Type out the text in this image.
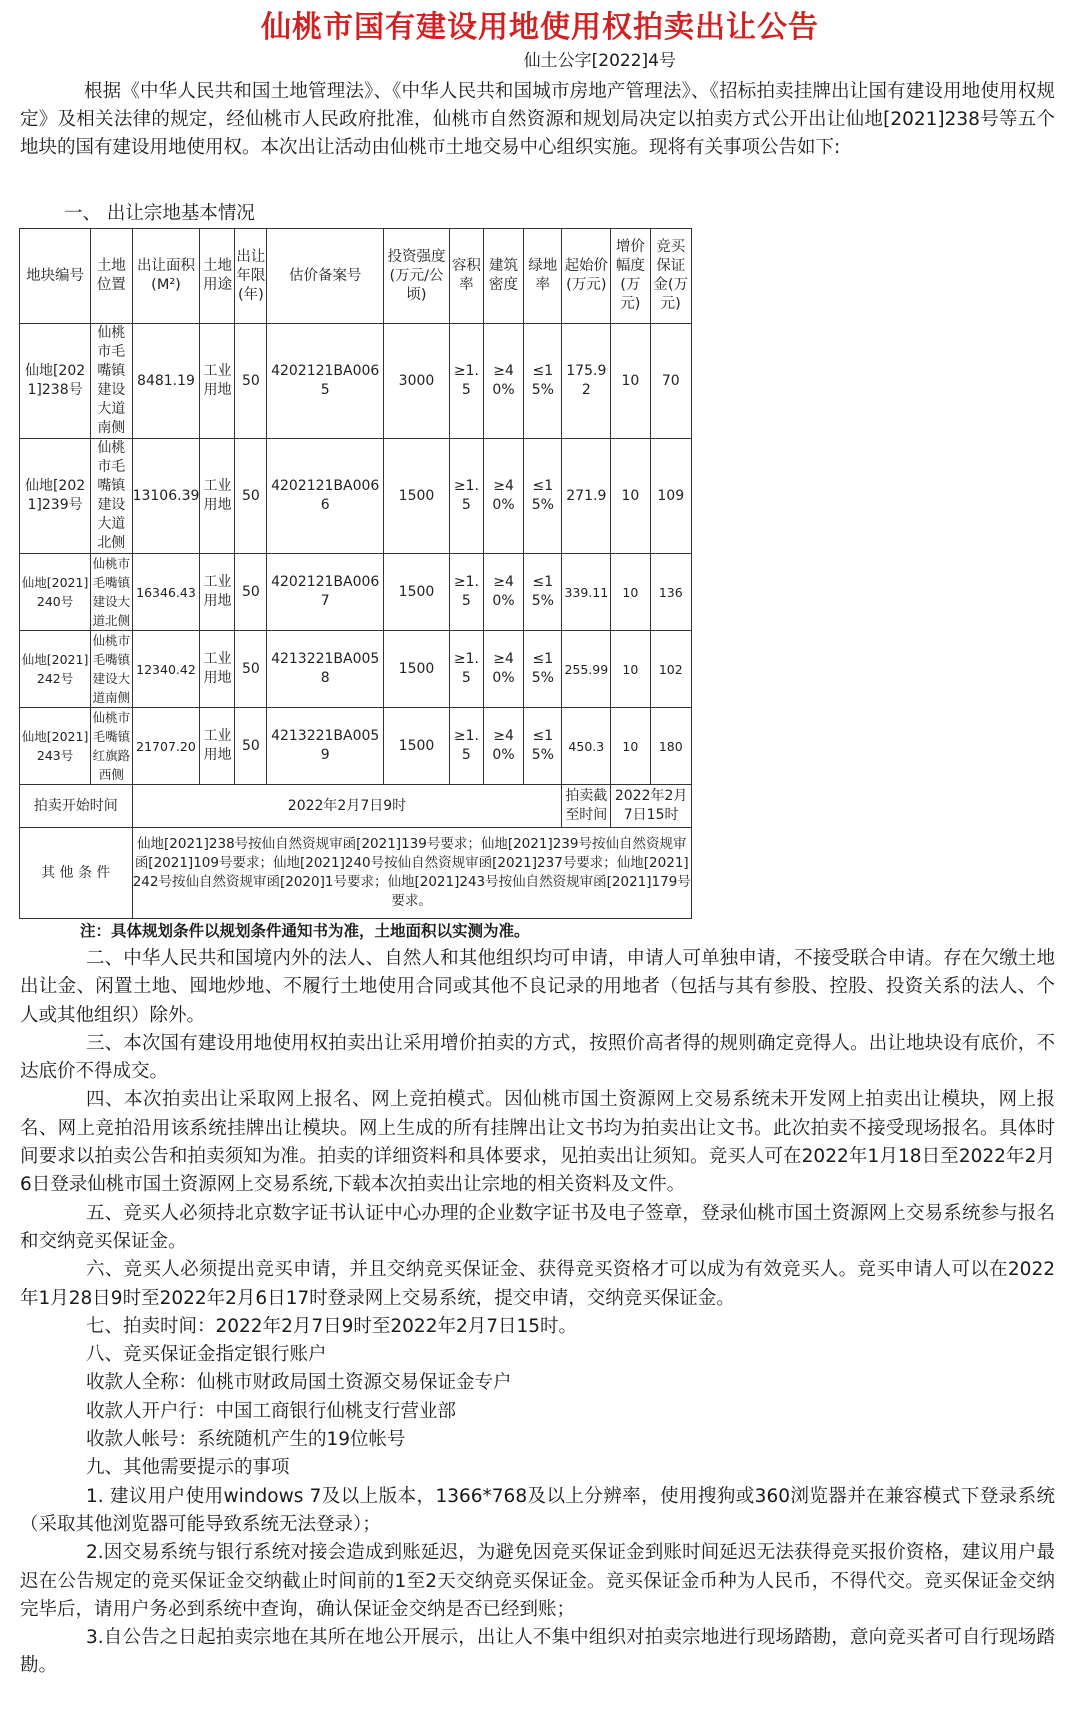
仙桃市国有建设用地使用权拍卖出让公告
仙土公字[2022]4号
根据《中华人民共和国土地管理法》、《中华人民共和国城市房地产管理法》、《招标拍卖挂牌出让国有建设用地使用权规定》及相关法律的规定，经仙桃市人民政府批准，仙桃市自然资源和规划局决定以拍卖方式公开出让仙地[2021]238号等五个地块的国有建设用地使用权。本次出让活动由仙桃市土地交易中心组织实施。现将有关事项公告如下:
一、 出让宗地基本情况
地块编号	土地位置	出让面积(M²)	土地用途	出让年限(年)	估价备案号	投资强度(万元/公顷)	容积率	建筑密度	绿地率	起始价(万元)	增价幅度(万元)	竞买保证金(万元)
仙地[2021]238号	仙桃市毛嘴镇建设大道南侧	8481.19	工业用地	50	4202121BA0065	3000	≥1.5	≥40%	≤15%	175.92	10	70
仙地[2021]239号	仙桃市毛嘴镇建设大道北侧	13106.39	工业用地	50	4202121BA0066	1500	≥1.5	≥40%	≤15%	271.9	10	109
仙地[2021]240号	仙桃市毛嘴镇建设大道北侧	16346.43	工业用地	50	4202121BA0067	1500	≥1.5	≥40%	≤15%	339.11	10	136
仙地[2021]242号	仙桃市毛嘴镇建设大道南侧	12340.42	工业用地	50	4213221BA0058	1500	≥1.5	≥40%	≤15%	255.99	10	102
仙地[2021]243号	仙桃市毛嘴镇红旗路西侧	21707.20	工业用地	50	4213221BA0059	1500	≥1.5	≥40%	≤15%	450.3	10	180
拍卖开始时间		2022年2月7日9时								拍卖截至时间	2022年2月7日15时	
其 他 条 件		仙地[2021]238号按仙自然资规审函[2021]139号要求；仙地[2021]239号按仙自然资规审函[2021]109号要求；仙地[2021]240号按仙自然资规审函[2021]237号要求；仙地[2021]242号按仙自然资规审函[2020]1号要求；仙地[2021]243号按仙自然资规审函[2021]179号要求。										
注：具体规划条件以规划条件通知书为准，土地面积以实测为准。

二、中华人民共和国境内外的法人、自然人和其他组织均可申请，申请人可单独申请，不接受联合申请。存在欠缴土地出让金、闲置土地、囤地炒地、不履行土地使用合同或其他不良记录的用地者（包括与其有参股、控股、投资关系的法人、个人或其他组织）除外。

三、本次国有建设用地使用权拍卖出让采用增价拍卖的方式，按照价高者得的规则确定竞得人。出让地块设有底价，不达底价不得成交。

四、本次拍卖出让采取网上报名、网上竞拍模式。因仙桃市国土资源网上交易系统未开发网上拍卖出让模块，网上报名、网上竞拍沿用该系统挂牌出让模块。网上生成的所有挂牌出让文书均为拍卖出让文书。此次拍卖不接受现场报名。具体时间要求以拍卖公告和拍卖须知为准。拍卖的详细资料和具体要求，见拍卖出让须知。竞买人可在2022年1月18日至2022年2月6日登录仙桃市国土资源网上交易系统,下载本次拍卖出让宗地的相关资料及文件。

五、竞买人必须持北京数字证书认证中心办理的企业数字证书及电子签章，登录仙桃市国土资源网上交易系统参与报名和交纳竞买保证金。

六、竞买人必须提出竞买申请，并且交纳竞买保证金、获得竞买资格才可以成为有效竞买人。竞买申请人可以在2022年1月28日9时至2022年2月6日17时登录网上交易系统，提交申请，交纳竞买保证金。

七、拍卖时间：2022年2月7日9时至2022年2月7日15时。

八、竞买保证金指定银行账户

收款人全称：仙桃市财政局国土资源交易保证金专户

收款人开户行：中国工商银行仙桃支行营业部

收款人帐号：系统随机产生的19位帐号

九、其他需要提示的事项

1. 建议用户使用windows 7及以上版本，1366*768及以上分辨率，使用搜狗或360浏览器并在兼容模式下登录系统（采取其他浏览器可能导致系统无法登录）；

2.因交易系统与银行系统对接会造成到账延迟，为避免因竞买保证金到账时间延迟无法获得竞买报价资格，建议用户最迟在公告规定的竞买保证金交纳截止时间前的1至2天交纳竞买保证金。竞买保证金币种为人民币，不得代交。竞买保证金交纳完毕后，请用户务必到系统中查询，确认保证金交纳是否已经到账；

3.自公告之日起拍卖宗地在其所在地公开展示，出让人不集中组织对拍卖宗地进行现场踏勘，意向竞买者可自行现场踏勘。
